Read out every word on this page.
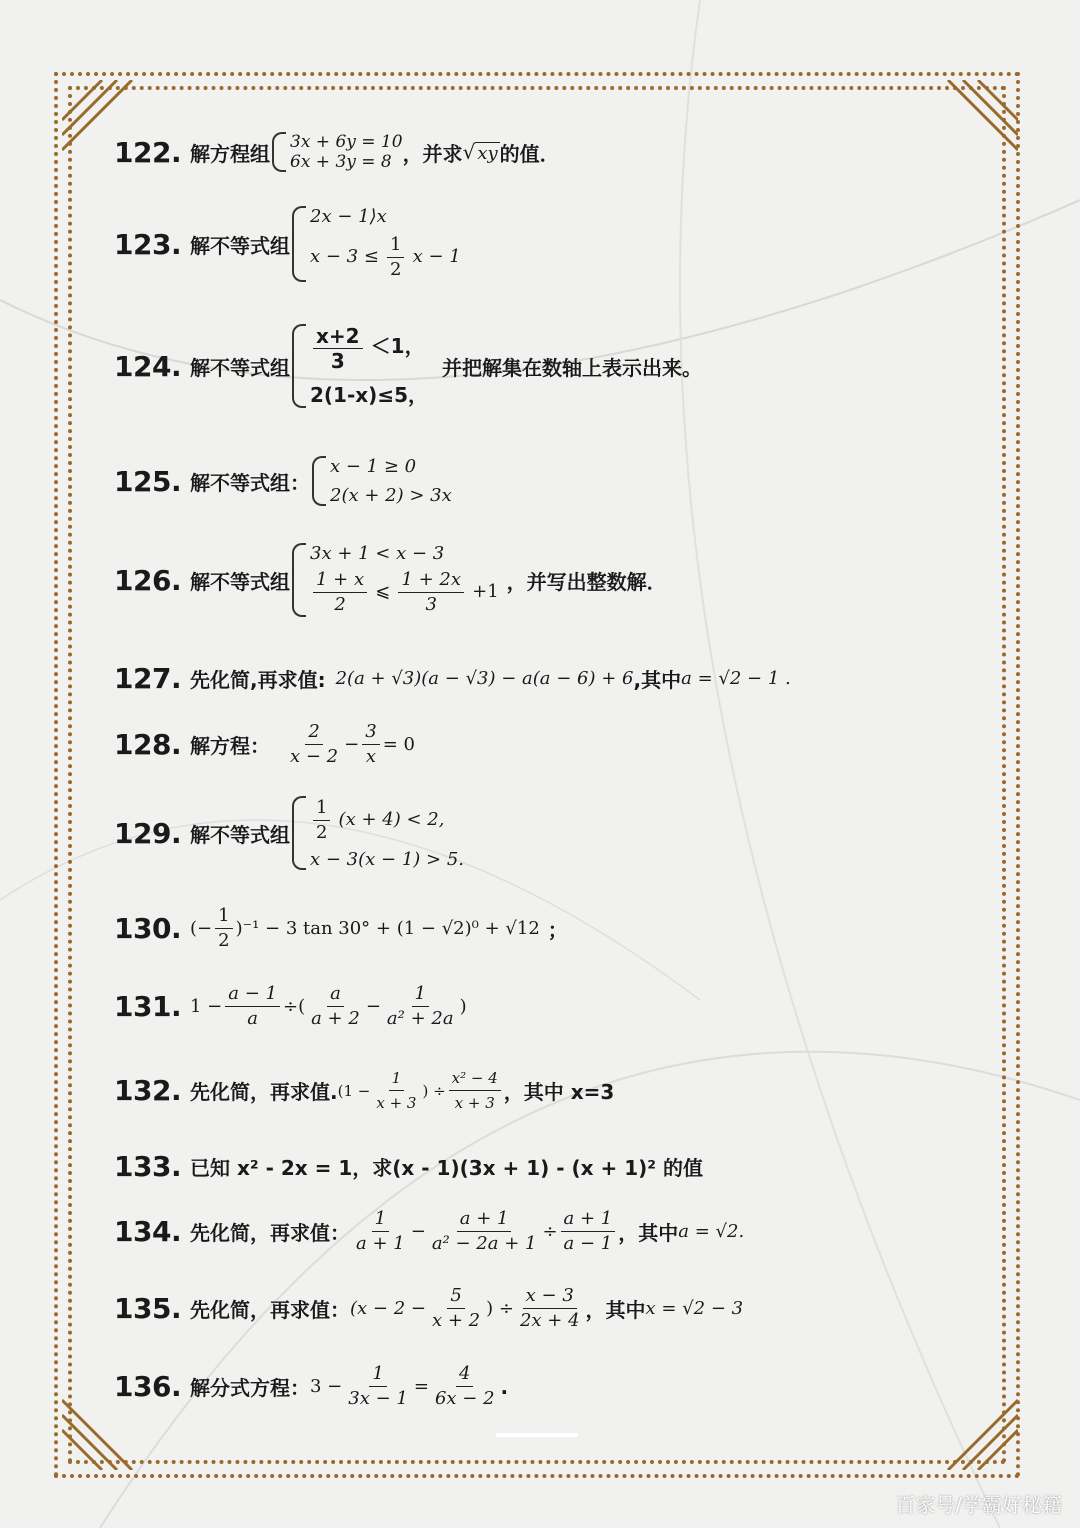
122. 解方程组 3x + 6y = 10
6x + 3y = 8 ，并求 √ xy 的值．
123. 解不等式组
2x − 1⟩x
$x - 3 \le \frac{1}{2}$ x − 1
124. 解不等式组 $\frac{x+2}{3} <1$，
2(1-x)≤5，
并把解集在数轴上表示出来。
125. 解不等式组：
x − 1 ≥ 0
2(x + 2) > 3x
126. 解不等式组
3x + 1 < x − 3
$\frac{1 + x}{2}$ ⩽ $\frac{1 + 2x}{3} +1$ ，并写出整数解．
127. 先化简,再求值: 2(a + √3)(a − √3) − a(a − 6) + 6 ,其中 a = √2 − 1 .
128. 解方程： $\frac{2}{x - 2} - \frac{3}{x} = 0$
129. 解不等式组 $\frac{1}{2} (x + 4) < 2$,
x − 3(x − 1) > 5.
130. (− $\frac{1}{2} )^{-1} - 3$ tan 30° + (1 − √2)⁰ + √12 ；
131. $1 - \frac{a - 1}{a}$ ÷( $\frac{a}{a + 2} - \frac{1}{\text{a² + 2a}}$ )
132. 先化简，再求值. ($1 - \frac{1}{x + 3}$ ) ÷ $\frac{\text{x² − 4}}{x + 3}$ ，其中 x=3
133. 已知 x² - 2x = 1，求(x - 1)(3x + 1) - (x + 1)² 的值
134. 先化简，再求值： $\frac{1}{a + 1} - \frac{a + 1}{\text{a² − 2a + 1}} \div \frac{a + 1}{a - 1}$ ，其中 a = √2.
135. 先化简，再求值： ($x - 2 - \frac{5}{x + 2}$ ) ÷ $\frac{x - 3}{2x + 4}$ ，其中 x = √2 − 3
136. 解分式方程： $3 - \frac{1}{3x - 1} = \frac{4}{6x - 2}$ .
百家号/学霸好秘籍
